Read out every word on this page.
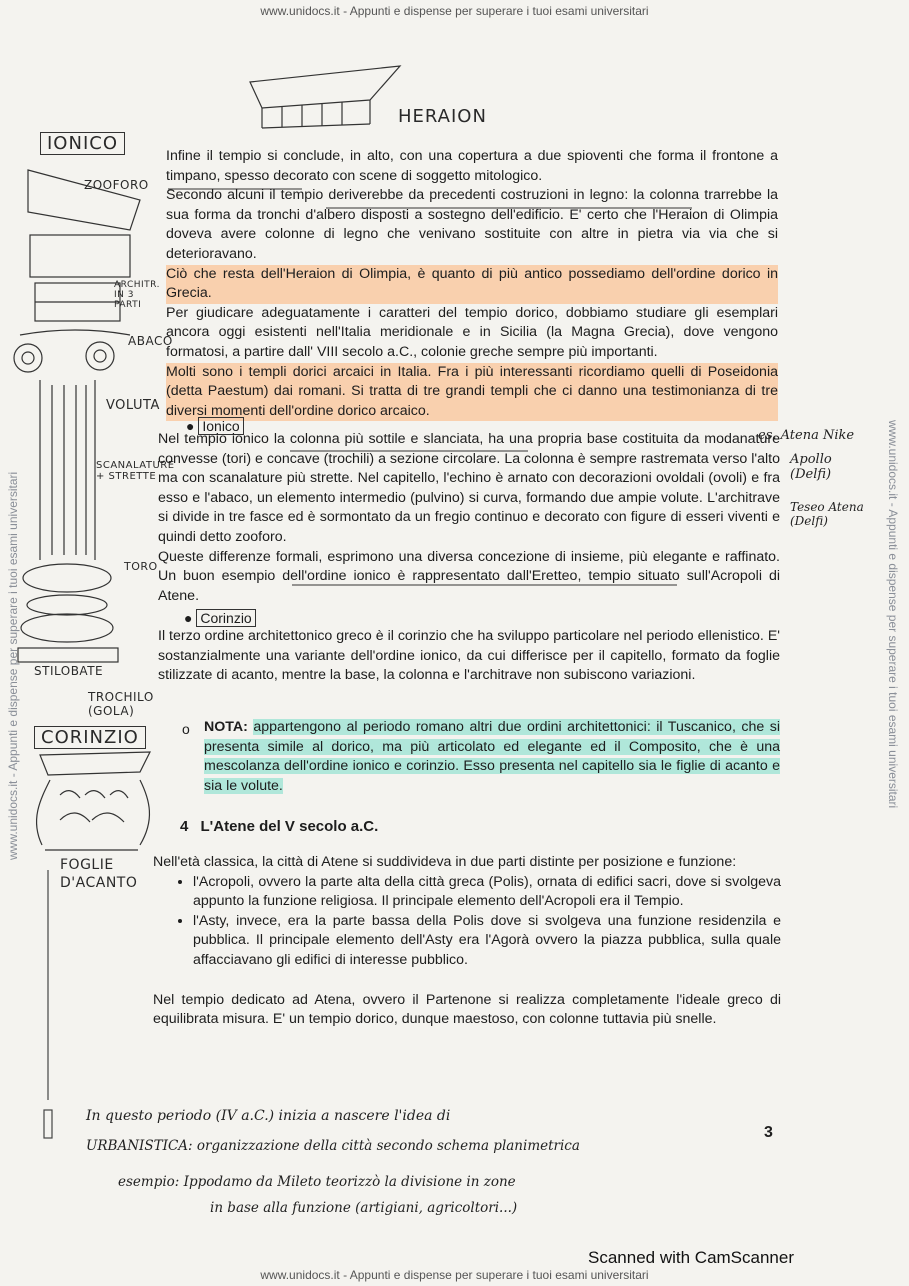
www.unidocs.it - Appunti e dispense per superare i tuoi esami universitari
www.unidocs.it - Appunti e dispense per superare i tuoi esami universitari
www.unidocs.it - Appunti e dispense per superare i tuoi esami universitari	www.unidocs.it - Appunti e dispense per superare i tuoi esami universitari
HERAION
IONICO
ZOOFORO
ARCHITR. IN 3 PARTI
ABACO
VOLUTA
SCANALATURE + STRETTE
TORO
STILOBATE
TROCHILO (GOLA)
CORINZIO
FOGLIE D'ACANTO
es. Atena Nike
Apollo (Delfi)
Teseo Atena (Delfi)

Infine il tempio si conclude, in alto, con una copertura a due spioventi che forma il frontone a timpano, spesso decorato con scene di soggetto mitologico.

Secondo alcuni il tempio deriverebbe da precedenti costruzioni in legno: la colonna trarrebbe la sua forma da tronchi d'albero disposti a sostegno dell'edificio. E' certo che l'Heraion di Olimpia doveva avere colonne di legno che venivano sostituite con altre in pietra via via che si deterioravano.

Ciò che resta dell'Heraion di Olimpia, è quanto di più antico possediamo dell'ordine dorico in Grecia.

Per giudicare adeguatamente i caratteri del tempio dorico, dobbiamo studiare gli esemplari ancora oggi esistenti nell'Italia meridionale e in Sicilia (la Magna Grecia), dove vengono formatosi, a partire dall' VIII secolo a.C., colonie greche sempre più importanti.

Molti sono i templi dorici arcaici in Italia. Fra i più interessanti ricordiamo quelli di Poseidonia (detta Paestum) dai romani. Si tratta di tre grandi templi che ci danno una testimonianza di tre diversi momenti dell'ordine dorico arcaico.

● Ionico

Nel tempio ionico la colonna più sottile e slanciata, ha una propria base costituita da modanature convesse (tori) e concave (trochili) a sezione circolare. La colonna è sempre rastremata verso l'alto ma con scanalature più strette. Nel capitello, l'echino è arnato con decorazioni ovoldali (ovoli) e fra esso e l'abaco, un elemento intermedio (pulvino) si curva, formando due ampie volute. L'architrave si divide in tre fasce ed è sormontato da un fregio continuo e decorato con figure di esseri viventi e quindi detto zooforo.

Queste differenze formali, esprimono una diversa concezione di insieme, più elegante e raffinato. Un buon esempio dell'ordine ionico è rappresentato dall'Eretteo, tempio situato sull'Acropoli di Atene.

● Corinzio

Il terzo ordine architettonico greco è il corinzio che ha sviluppo particolare nel periodo ellenistico. E' sostanzialmente una variante dell'ordine ionico, da cui differisce per il capitello, formato da foglie stilizzate di acanto, mentre la base, la colonna e l'architrave non subiscono variazioni.

o NOTA: appartengono al periodo romano altri due ordini architettonici: il Tuscanico, che si presenta simile al dorico, ma più articolato ed elegante ed il Composito, che è una mescolanza dell'ordine ionico e corinzio. Esso presenta nel capitello sia le figlie di acanto e sia le volute.

4 L'Atene del V secolo a.C.

Nell'età classica, la città di Atene si suddivideva in due parti distinte per posizione e funzione:

• l'Acropoli, ovvero la parte alta della città greca (Polis), ornata di edifici sacri, dove si svolgeva appunto la funzione religiosa. Il principale elemento dell'Acropoli era il Tempio.
• l'Asty, invece, era la parte bassa della Polis dove si svolgeva una funzione residenzila e pubblica. Il principale elemento dell'Asty era l'Agorà ovvero la piazza pubblica, sulla quale affacciavano gli edifici di interesse pubblico.

Nel tempio dedicato ad Atena, ovvero il Partenone si realizza completamente l'ideale greco di equilibrata misura. E' un tempio dorico, dunque maestoso, con colonne tuttavia più snelle.

In questo periodo (IV a.C.) inizia a nascere l'idea di
URBANISTICA: organizzazione della città secondo schema planimetrica
esempio: Ippodamo da Mileto teorizzò la divisione in zone
in base alla funzione (artigiani, agricoltori...)
3
Scanned with CamScanner
